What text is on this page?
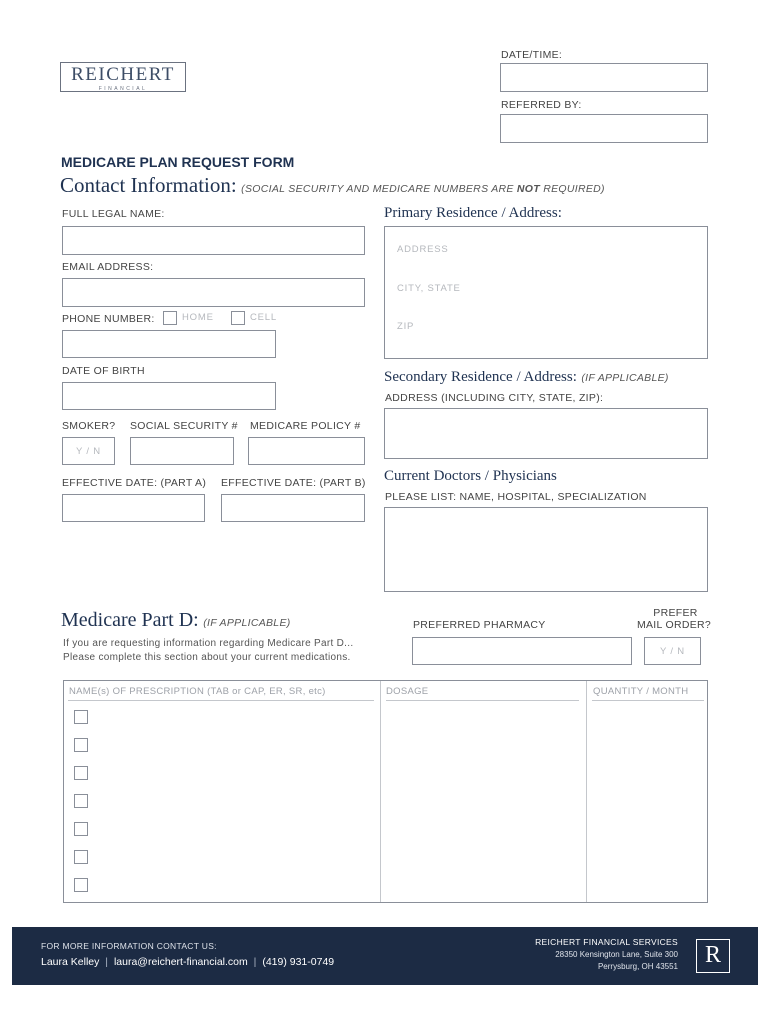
REICHERT
FINANCIAL
DATE/TIME:
REFERRED BY:
MEDICARE PLAN REQUEST FORM
Contact Information: (SOCIAL SECURITY AND MEDICARE NUMBERS ARE NOT REQUIRED)
FULL LEGAL NAME:
EMAIL ADDRESS:
PHONE NUMBER:	HOME	CELL
DATE OF BIRTH
SMOKER? SOCIAL SECURITY # MEDICARE POLICY #
Y / N
EFFECTIVE DATE: (PART A) EFFECTIVE DATE: (PART B)
Primary Residence / Address:
ADDRESS
CITY, STATE
ZIP
Secondary Residence / Address: (IF APPLICABLE)
ADDRESS (INCLUDING CITY, STATE, ZIP):
Current Doctors / Physicians
PLEASE LIST: NAME, HOSPITAL, SPECIALIZATION
Medicare Part D: (IF APPLICABLE)
If you are requesting information regarding Medicare Part D...
Please complete this section about your current medications.
PREFERRED PHARMACY
PREFER
MAIL ORDER?
Y / N
NAME(s) OF PRESCRIPTION (TAB or CAP, ER, SR, etc)	DOSAGE	QUANTITY / MONTH
FOR MORE INFORMATION CONTACT US:
Laura Kelley | laura@reichert-financial.com | (419) 931-0749
REICHERT FINANCIAL SERVICES
28350 Kensington Lane, Suite 300
Perrysburg, OH 43551	R
